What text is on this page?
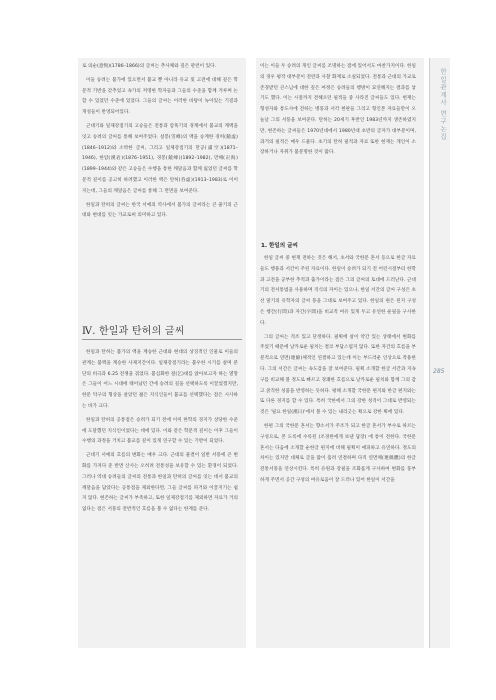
로 의순(意恂)(1786–1866)의 글씨는 추사체와 깊은 관련이 있다.

이들 승려는 불가에 있으면서 불교 뿐 아니라 유교 및 고전에 대해 깊은 학문적 기반을 갖추었고 속가의 저명한 학자들과 그들의 수준을 함께 겨루며 논할 수 있었던 수준에 있었다. 그들의 글씨는 이러한 바탕이 녹아있는 기질과 개성들이 반영되어있다.

근대기와 일제강점기의 고승들은 전통과 암흑기의 경계에서 불교의 계맥을 잇고 승려의 글씨를 통해 보여주었다. 설봉(雪峰)의 맥을 승계한 경허(鏡虛)(1846–1912)와 소박한 글씨, 그리고 일제강점기의 만공(滿空)(1871–1946), 한암(漢岩)(1876–1951), 경봉(鏡峰)(1892–1982), 만해(卍海)(1899–1944)와 같은 고승들은 수행을 통한 깨달음과 함께 잃었던 글씨를 학문적 깊이를 공고히 하려했고 이러한 맥은 탄허(呑虛)(1913–1983)로 이어지는데, 그들의 깨달음은 글씨를 통해 그 면면을 보여준다.

한일과 탄허의 글씨는 한국 서예의 역사에서 불가의 글씨라는 큰 줄기의 근대와 현대를 잇는 가교로써 의미하고 있다.

Ⅳ. 한일과 탄허의 글씨

한일과 탄허는 불가의 맥을 계승한 근대와 현대의 상징적인 인물로 이들의 관계는 불맥을 계승한 사제지간이다. 일제강점기라는 불우한 시기를 살며 분단의 비극과 6.25 전쟁을 겪었다. 불심화한 걸(乞)대를 앉아보고자 하는 열망은 그들이 어느 시대에 태어났던 간에 승려의 길을 선택하도록 이끌었겠지만, 한문 탁구의 형상을 살았던 젊은 지식인들이 불교를 선택했다는 점은 시사하는 바가 크다.

한일과 탄허의 공통점은 승려가 되기 전에 이미 한학의 경지가 상당한 수준에 도달했던 지식인이었다는 데에 있다. 이와 같은 학문적 깊이는 이후 그들이 수행의 과정을 거치고 불교를 깊이 있게 연구할 수 있는 기반이 되었다.

근대기 서예의 흐름의 변화는 매우 크다. 근대의 물결이 일반 서풍에 큰 변화를 가져다 준 반면 산사는 오히려 전통성을 보유할 수 있는 환경이 되었다. 그러나 역대 승려들의 글씨의 전통과 한일과 탄허의 글씨를 잇는 데서 불교의 깨달음을 담았다는 공통점을 제외한다면, 그들 글씨를 파거와 이끌지기는 쉽지 않다. 현존하는 글씨가 부족하고, 또한 일제강점기를 제외하면 자료가 거의 없다는 점은 서풍의 전반적인 흐름을 볼 수 없다는 한계를 준다.

이는 이들 두 승려의 개인 글씨를 조명하는 점에 있어서도 마찬가지이다. 한일의 경우 평작 대부분이 전란과 사찰 화재로 소실되었다. 전통과 근대의 가교로 존경받던 큰스님에 대한 깊은 여정은 승려들의 행방이 묘연해지는 결과를 낳기도 했다. 이는 시절까지 전해오던 필적들 중 사라진 글씨들도 있다. 현재는 형성자와 통도사에 전하는 병풍과 서각 현판들 그리고 형인본 자료들만이 오늘날 그의 서풍을 보여준다. 탄허는 20세기 후반인 1983년까지 생존하였지만, 현존하는 글씨들은 1970년대에서 1980년대 초반의 글자가 대부분이며, 과거의 필적은 매우 드물다. 초기의 탄허 필적과 자료 또한 현재는 개인이 소장하거나 자취가 불분명한 것이 많다.

1. 한일의 글씨

한일 글씨 중 현재 전하는 것은 해서, 초서와 국한문 혼서 등으로 한글 자료들도 행용과 서간이 주된 자료이다. 한일이 승려가 되기 전 어린시절부터 한학과 고전을 공부한 추적과 출가이라는 점은 그의 글씨의 토대에 드러난다. 근대기의 전서통범을 사용하며 격식의 자이는 있으나, 한일 서간의 글씨 구성은 초선 말기의 유학자의 글씨 풍을 그대로 보여주고 있다. 한일의 편은 된지 구성은 행간(行間)과 자간(字間)을 비교적 여유 있게 두고 유연한 운필을 구사한다.

그의 글씨는 격조 있고 단정하다. 필획에 살이 약간 있는 상태에서 변화를 주었기 때문에 날카로운 필치는 결코 부담스럽지 않다. 또한 자간의 흐름을 부분적으로 연면(連綿)체적인 연결하고 있는데 이는 부드러운 인상으로 작용한다. 그의 서간은 글씨는 속도감을 잘 보여준다. 필획 소개할 한글 서간과 지속구를 비교해 볼 정도로 빠르고 경쾌한 흐름으로 날카로운 필치와 함께 그의 감고 굵직한 성품을 반영하는 듯하다. 평해 소개할 국한문 편지와 한글 편지와는 또 다른 경지를 할 수 있다. 특히 국한에서 그의 강한 성격이 그대로 반영되는 것은 '필요 한일(漢日)'에서 볼 수 있는 내리긋는 획으로 강한 획에 있다.

한편 그의 국한문 혼서는 향소서가 주조가 되고 한글 혼서가 부수로 따르는 구성으로, 본 도록에 수록된 (조경한에게 보낸 답장) 에 통이 전한다. 국한문 혼서는 다음에 소개할 순한글 편지에 비해 필획이 애피하고 유연하다. 정도의 차이는 있지만 대체로 글을 많이 흘려 연결하며 다직 연면체(連綿體)의 한글 전통서풍을 연상시킨다. 특히 유원과 강필을 조화롭게 구사하여 변화를 풍부하게 주면서 공간 구성의 여유로움이 잘 드러나 있어 한일이 서간을

한일관계사 연구논집
285
